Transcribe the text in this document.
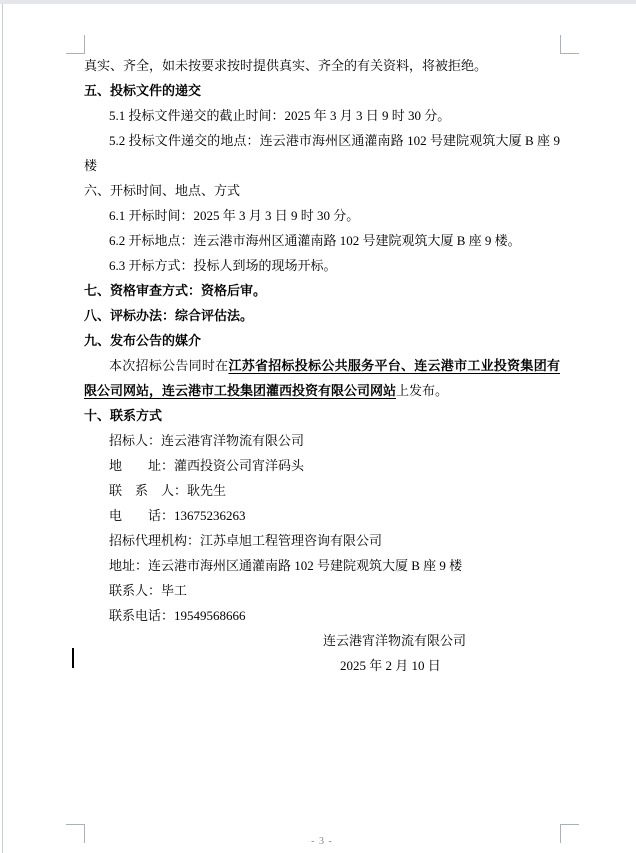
真实、齐全，如未按要求按时提供真实、齐全的有关资料，将被拒绝。

五、投标文件的递交

5.1 投标文件递交的截止时间：2025 年 3 月 3 日 9 时 30 分。

5.2 投标文件递交的地点：连云港市海州区通灌南路 102 号建院观筑大厦 B 座 9 楼

六、开标时间、地点、方式

6.1 开标时间：2025 年 3 月 3 日 9 时 30 分。

6.2 开标地点：连云港市海州区通灌南路 102 号建院观筑大厦 B 座 9 楼。

6.3 开标方式：投标人到场的现场开标。

七、资格审查方式：资格后审。

八、评标办法：综合评估法。

九、发布公告的媒介

本次招标公告同时在江苏省招标投标公共服务平台、连云港市工业投资集团有限公司网站，连云港市工投集团灌西投资有限公司网站上发布。

十、联系方式

招标人：连云港宵洋物流有限公司

地　　址：灌西投资公司宵洋码头

联　系　人：耿先生

电　　话：13675236263

招标代理机构：江苏卓旭工程管理咨询有限公司

地址：连云港市海州区通灌南路 102 号建院观筑大厦 B 座 9 楼

联系人：毕工

联系电话：19549568666

连云港宵洋物流有限公司

2025 年 2 月 10 日

- 3 -
